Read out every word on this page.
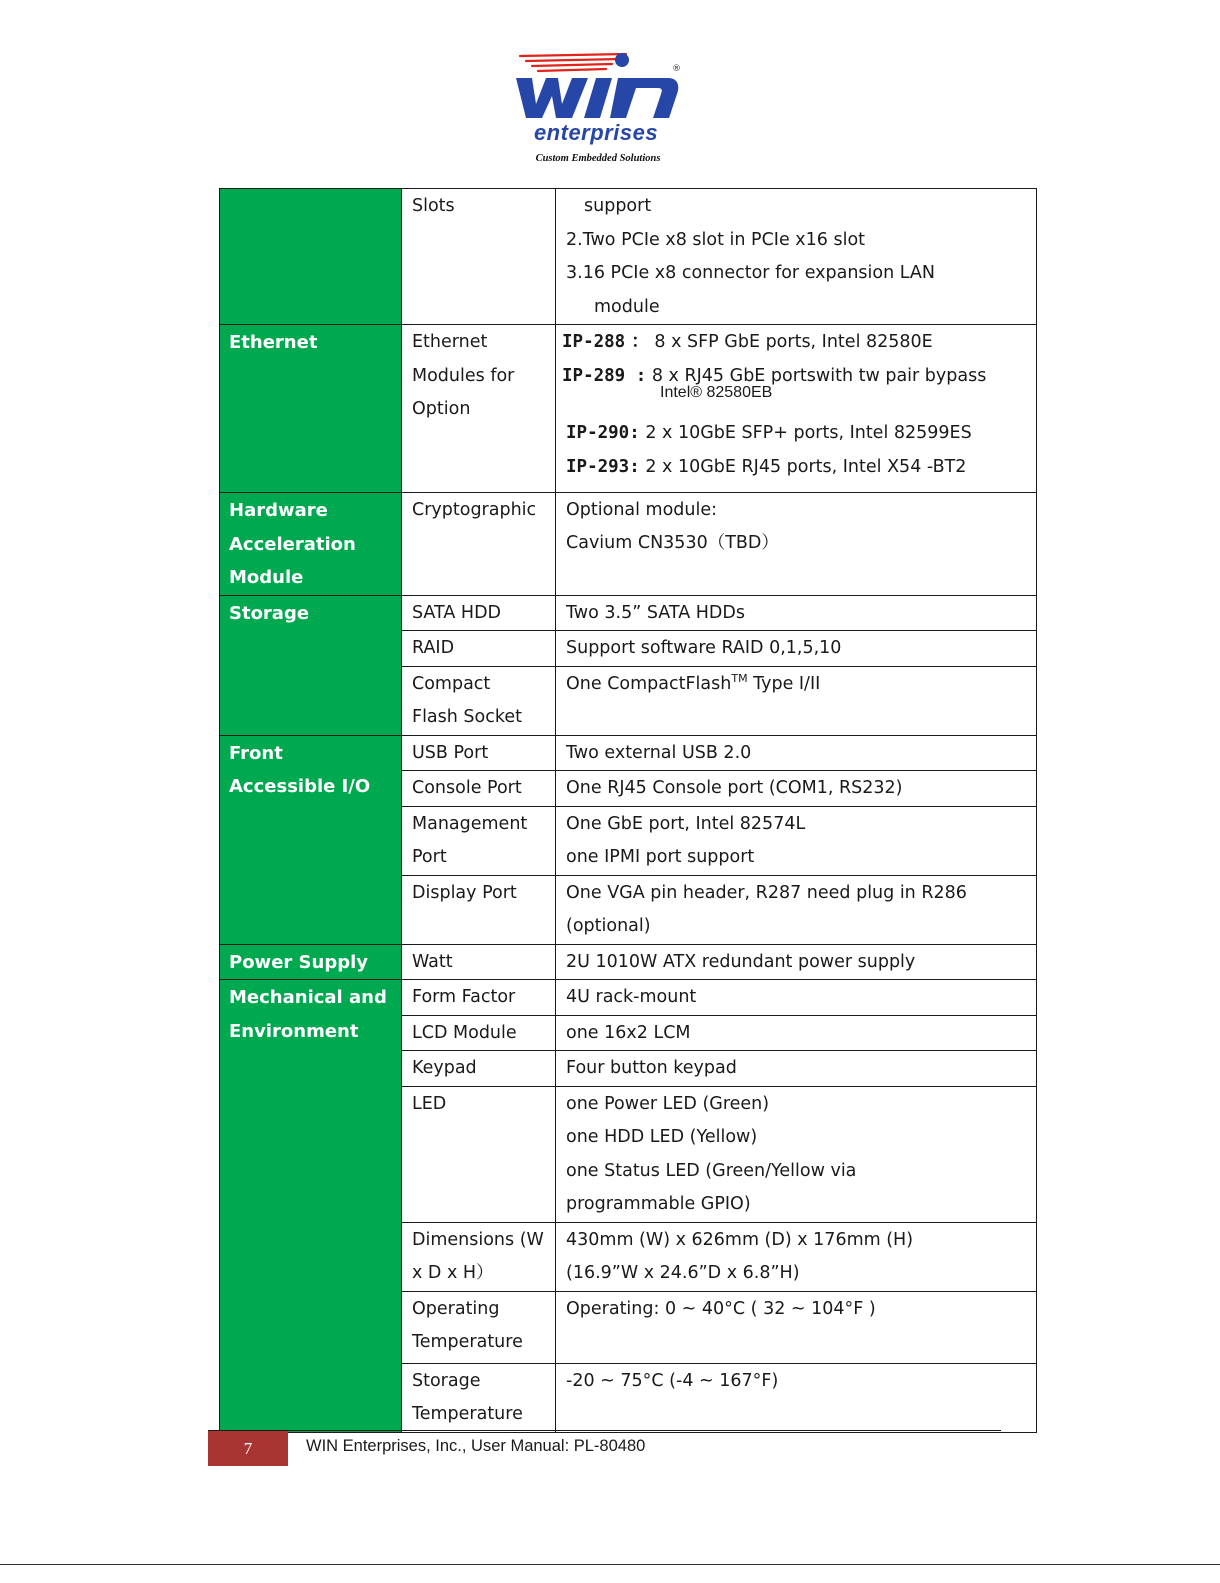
®
enterprises
Custom Embedded Solutions

	Slots	support
2.Two PCIe x8 slot in PCIe x16 slot
3.16 PCIe x8 connector for expansion LAN
module

Ethernet	Ethernet
Modules for
Option	IP-288 ： 8 x SFP GbE ports, Intel 82580E
IP-289 : 8 x RJ45 GbE portswith tw pair bypass
Intel® 82580EB
IP-290: 2 x 10GbE SFP+ ports, Intel 82599ES
IP-293: 2 x 10GbE RJ45 ports, Intel X54 -BT2

Hardware
Acceleration
Module	Cryptographic	Optional module:
Cavium CN3530（TBD）

Storage	SATA HDD	Two 3.5” SATA HDDs

	RAID	Support software RAID 0,1,5,10

	Compact
Flash Socket	One CompactFlash™ Type I/II

Front
Accessible I/O	USB Port	Two external USB 2.0

	Console Port	One RJ45 Console port (COM1, RS232)

	Management
Port	One GbE port, Intel 82574L
one IPMI port support

	Display Port	One VGA pin header, R287 need plug in R286
(optional)

Power Supply	Watt	2U 1010W ATX redundant power supply

Mechanical and
Environment	Form Factor	4U rack-mount

	LCD Module	one 16x2 LCM

	Keypad	Four button keypad

	LED	one Power LED (Green)
one HDD LED (Yellow)
one Status LED (Green/Yellow via
programmable GPIO)

	Dimensions (W
x D x H）	430mm (W) x 626mm (D) x 176mm (H)
(16.9”W x 24.6”D x 6.8”H)

	Operating
Temperature	Operating: 0 ~ 40°C ( 32 ~ 104°F )

	Storage
Temperature	-20 ~ 75°C (-4 ~ 167°F)
7	WIN Enterprises, Inc., User Manual: PL-80480
